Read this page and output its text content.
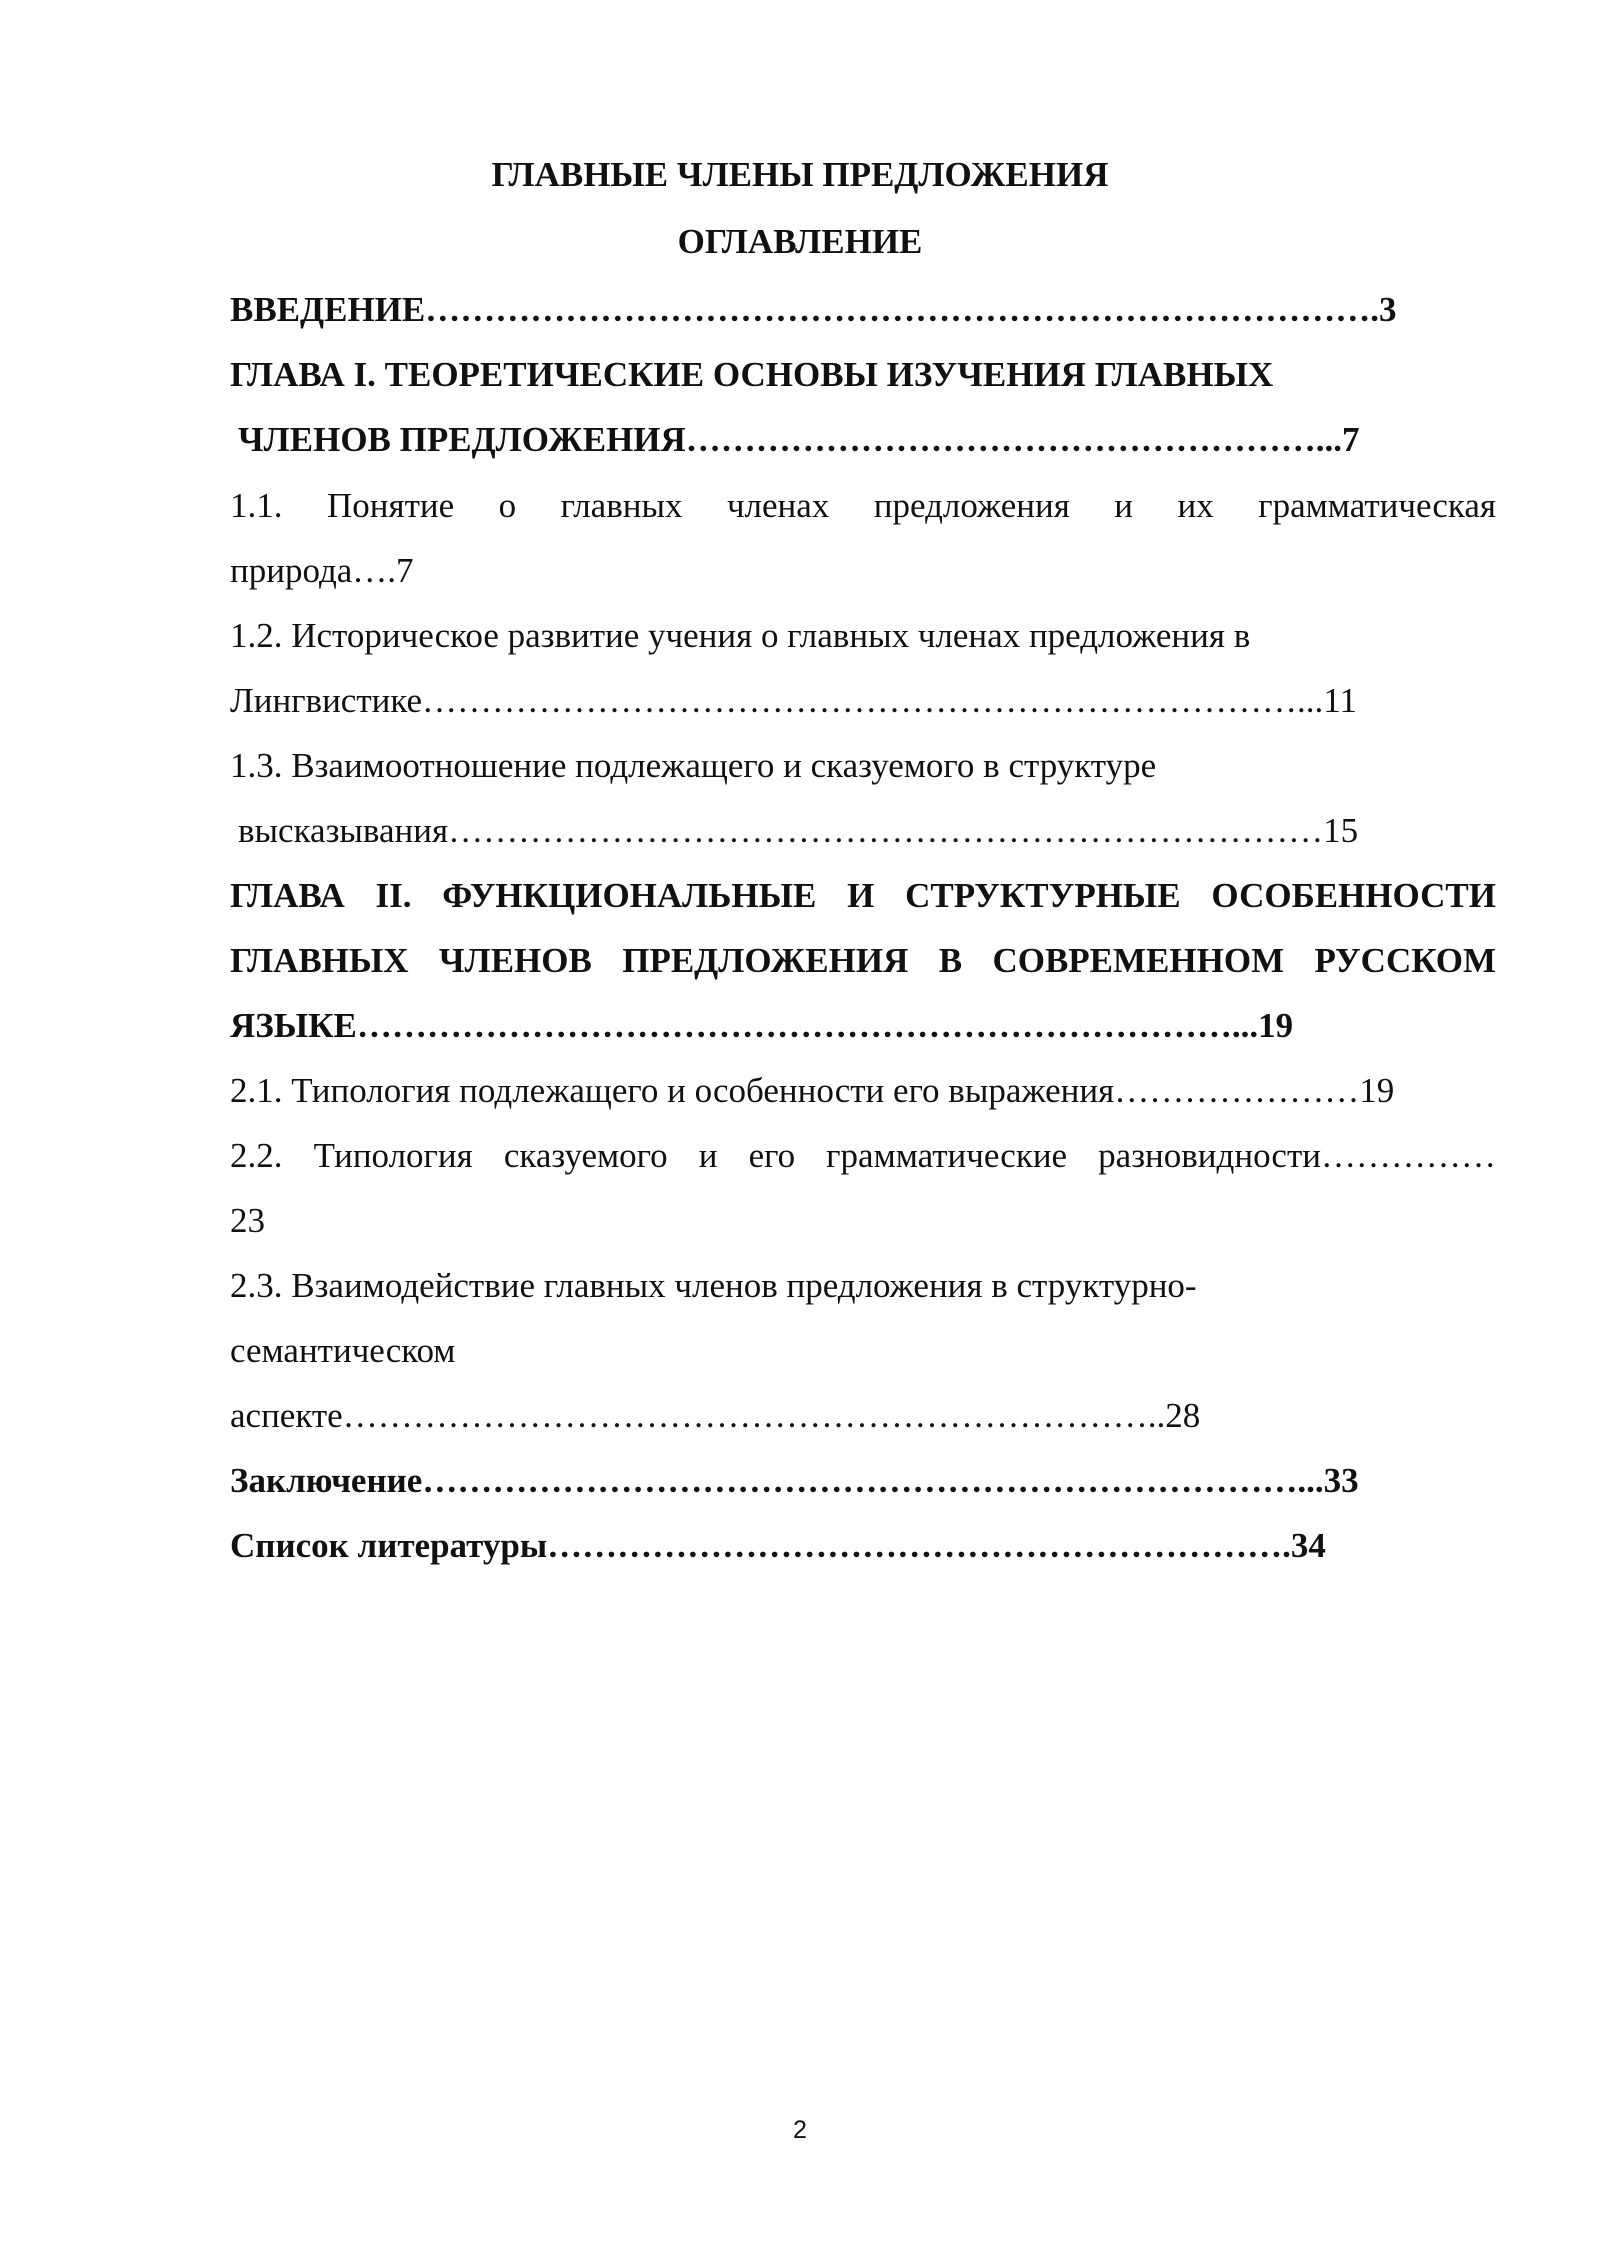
ГЛАВНЫЕ ЧЛЕНЫ ПРЕДЛОЖЕНИЯ
ОГЛАВЛЕНИЕ
ВВЕДЕНИЕ……………………………………………………………………….3
ГЛАВА I. ТЕОРЕТИЧЕСКИЕ ОСНОВЫ ИЗУЧЕНИЯ ГЛАВНЫХ
ЧЛЕНОВ ПРЕДЛОЖЕНИЯ………………………………………………...7
1.1. Понятие о главных членах предложения и их грамматическая
природа….7
1.2. Историческое развитие учения о главных членах предложения в
Лингвистике…………………………………………………………………...11
1.3. Взаимоотношение подлежащего и сказуемого в структуре
высказывания…………………………………………………………………15
ГЛАВА II. ФУНКЦИОНАЛЬНЫЕ И СТРУКТУРНЫЕ ОСОБЕННОСТИ
ГЛАВНЫХ ЧЛЕНОВ ПРЕДЛОЖЕНИЯ В СОВРЕМЕННОМ РУССКОМ
ЯЗЫКЕ…………………………………………………………………...19
2.1. Типология подлежащего и особенности его выражения…………………19
2.2. Типология сказуемого и его грамматические разновидности……………
23
2.3. Взаимодействие главных членов предложения в структурно-
семантическом
аспекте……………………………………………………………..28
Заключение…………………………………………………………………...33
Список литературы……………………………………………………….34
2
